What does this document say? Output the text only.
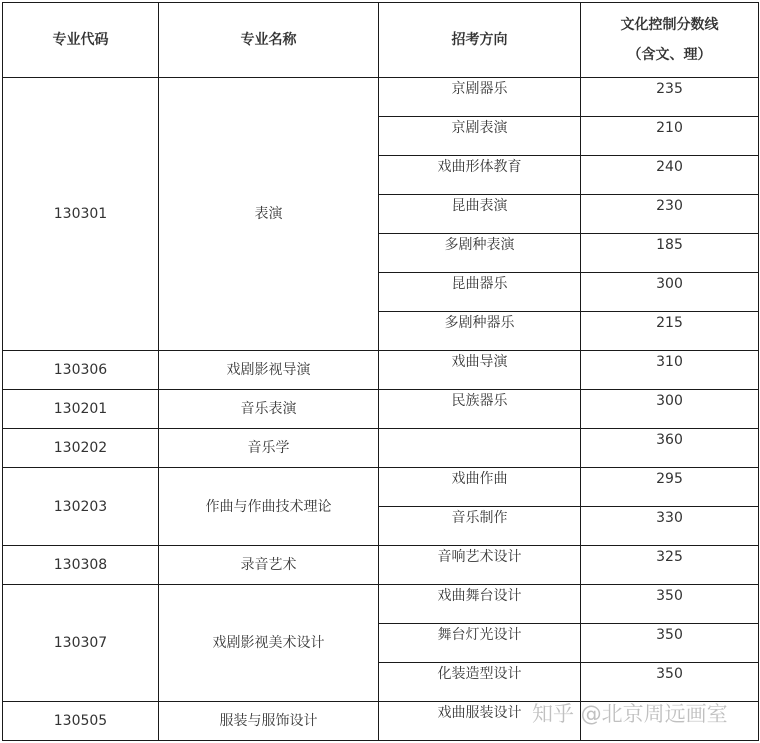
专业代码	专业名称	招考方向	文化控制分数线
（含文、理）

130301	表演	京剧器乐	235

		京剧表演	210

		戏曲形体教育	240

		昆曲表演	230

		多剧种表演	185

		昆曲器乐	300

		多剧种器乐	215

130306	戏剧影视导演	戏曲导演	310

130201	音乐表演	民族器乐	300

130202	音乐学		360

130203	作曲与作曲技术理论	戏曲作曲	295

		音乐制作	330

130308	录音艺术	音响艺术设计	325

130307	戏剧影视美术设计	戏曲舞台设计	350

		舞台灯光设计	350

		化装造型设计	350

130505	服装与服饰设计	戏曲服装设计	
	知乎 @北京周远画室
